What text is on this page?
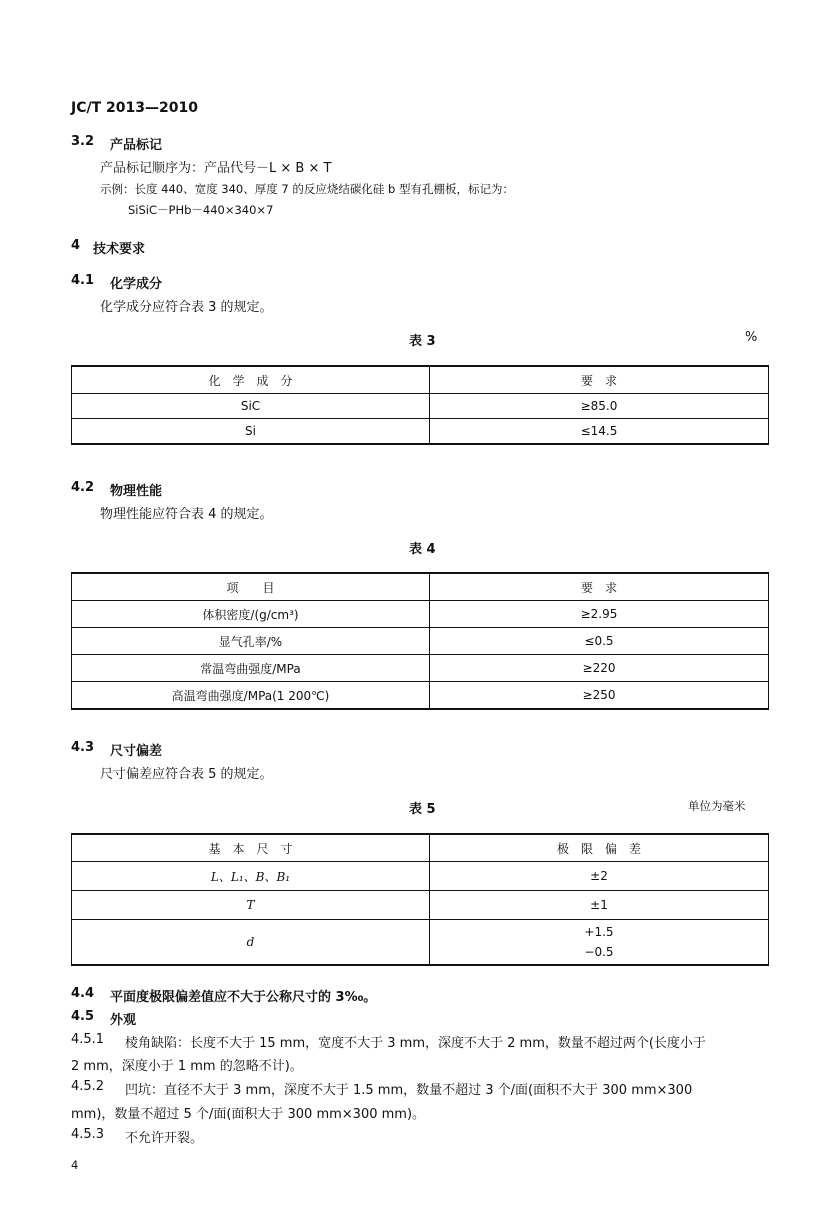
JC/T 2013—2010
3.2 产品标记
产品标记顺序为：产品代号－L × B × T
示例：长度 440、宽度 340、厚度 7 的反应烧结碳化硅 b 型有孔棚板，标记为：
SiSiC－PHb－440×340×7
4 技术要求
4.1 化学成分
化学成分应符合表 3 的规定。
表 3	%
化　学　成　分	要　求
SiC	≥85.0
Si	≤14.5
4.2 物理性能
物理性能应符合表 4 的规定。
表 4
项　　目	要　求
体积密度/(g/cm³)	≥2.95
显气孔率/%	≤0.5
常温弯曲强度/MPa	≥220
高温弯曲强度/MPa(1 200℃)	≥250
4.3 尺寸偏差
尺寸偏差应符合表 5 的规定。
表 5	单位为毫米
基　本　尺　寸	极　限　偏　差
L、L₁、B、B₁	±2
T	±1
d	+1.5
−0.5
4.4 平面度极限偏差值应不大于公称尺寸的 3‰。
4.5 外观
4.5.1 棱角缺陷：长度不大于 15 mm，宽度不大于 3 mm，深度不大于 2 mm，数量不超过两个(长度小于
2 mm，深度小于 1 mm 的忽略不计)。
4.5.2 凹坑：直径不大于 3 mm，深度不大于 1.5 mm，数量不超过 3 个/面(面积不大于 300 mm×300
mm)，数量不超过 5 个/面(面积大于 300 mm×300 mm)。
4.5.3 不允许开裂。
4
